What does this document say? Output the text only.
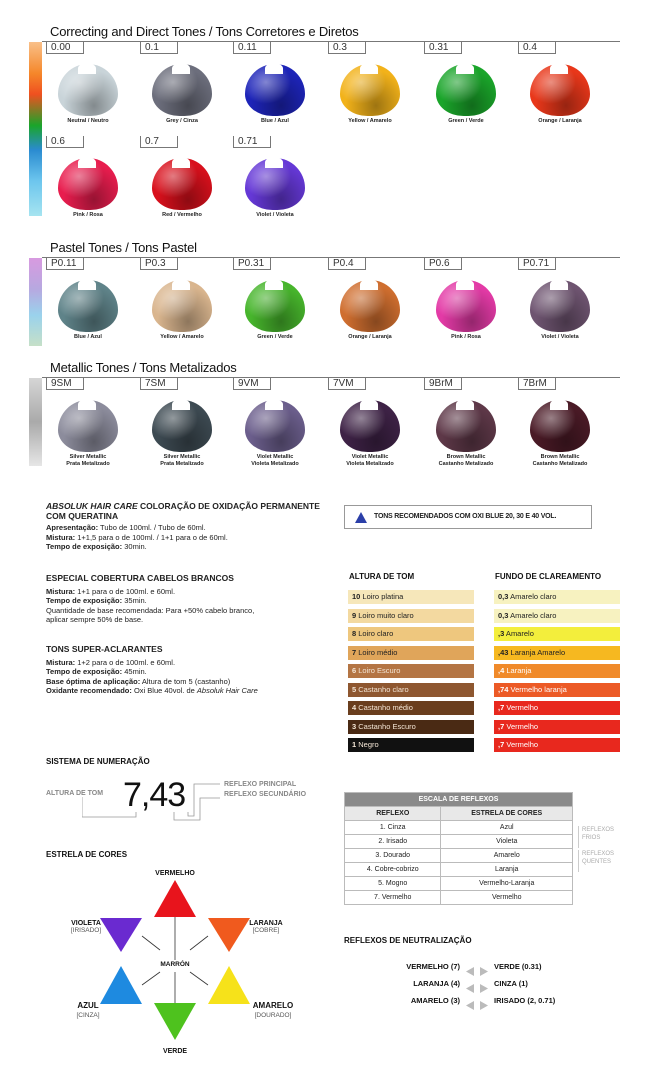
Correcting and Direct Tones / Tons Corretores e Diretos
0.00
Neutral / Neutro
0.1
Grey / Cinza
0.11
Blue / Azul
0.3
Yellow / Amarelo
0.31
Green / Verde
0.4
Orange / Laranja
0.6
Pink / Rosa
0.7
Red / Vermelho
0.71
Violet / Violeta
Pastel Tones / Tons Pastel
P0.11
Blue / Azul
P0.3
Yellow / Amarelo
P0.31
Green / Verde
P0.4
Orange / Laranja
P0.6
Pink / Rosa
P0.71
Violet / Violeta
Metallic Tones / Tons Metalizados
9SM
Silver Metallic
Prata Metalizado
7SM
Silver Metallic
Prata Metalizado
9VM
Violet Metallic
Violeta Metalizado
7VM
Violet Metallic
Violeta Metalizado
9BrM
Brown Metallic
Castanho Metalizado
7BrM
Brown Metallic
Castanho Metalizado
ABSOLUK HAIR CARE COLORAÇÃO DE OXIDAÇÃO PERMANENTE
COM QUERATINA
Apresentação: Tubo de 100ml. / Tubo de 60ml.
Mistura: 1+1,5 para o de 100ml. / 1+1 para o de 60ml.
Tempo de exposição: 30min.
ESPECIAL COBERTURA CABELOS BRANCOS
Mistura: 1+1 para o de 100ml. e 60ml.
Tempo de exposição: 35min.
Quantidade de base recomendada: Para +50% cabelo branco,
aplicar sempre 50% de base.
TONS SUPER-ACLARANTES
Mistura: 1+2 para o de 100ml. e 60ml.
Tempo de exposição: 45min.
Base óptima de aplicação: Altura de tom 5 (castanho)
Oxidante recomendado: Oxi Blue 40vol. de Absoluk Hair Care
TONS RECOMENDADOS COM OXI BLUE 20, 30 E 40 VOL.
ALTURA DE TOM	FUNDO DE CLAREAMENTO
10 Loiro platina	0,3 Amarelo claro
9 Loiro muito claro	0,3 Amarelo claro
8 Loiro claro	,3 Amarelo
7 Loiro médio	,43 Laranja Amarelo
6 Loiro Escuro	,4 Laranja
5 Castanho claro	,74 Vermelho laranja
4 Castanho médio	,7 Vermelho
3 Castanho Escuro	,7 Vermelho
1 Negro	,7 Vermelho
SISTEMA DE NUMERAÇÃO
ALTURA DE TOM 7,43	REFLEXO PRINCIPAL
REFLEXO SECUNDÁRIO
ESCALA DE REFLEXOS	
REFLEXO	ESTRELA DE CORES
1. Cinza	Azul
2. Irisado	Violeta
3. Dourado	Amarelo
4. Cobre-cobrizo	Laranja
5. Mogno	Vermelho-Laranja
7. Vermelho	Vermelho
REFLEXOS
FRIOS
REFLEXOS
QUENTES
ESTRELA DE CORES
VERMELHO
VIOLETA
[IRISADO]
LARANJA
[COBRE]
MARRÓN
AZUL
[CINZA]
AMARELO
[DOURADO]
VERDE
REFLEXOS DE NEUTRALIZAÇÃO
VERMELHO (7)	VERDE (0.31)
LARANJA (4)	CINZA (1)
AMARELO (3)	IRISADO (2, 0.71)
